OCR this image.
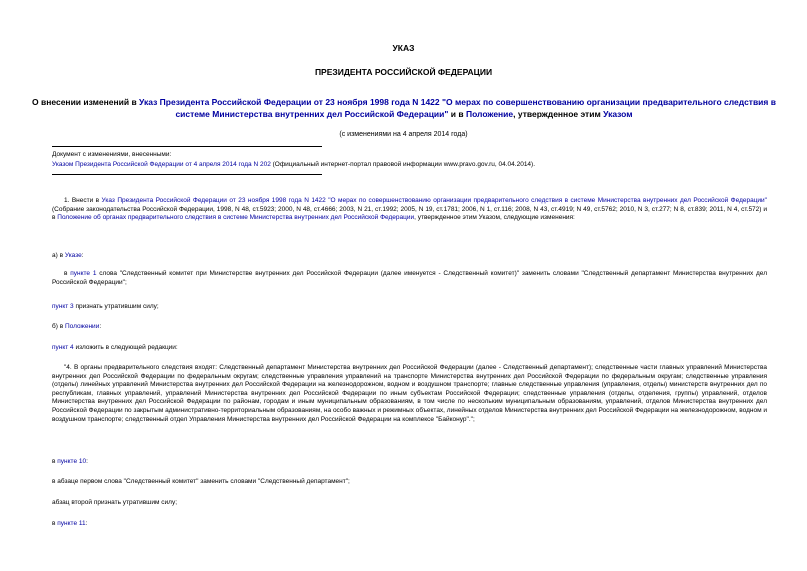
УКАЗ
ПРЕЗИДЕНТА РОССИЙСКОЙ ФЕДЕРАЦИИ
О внесении изменений в Указ Президента Российской Федерации от 23 ноября 1998 года N 1422 "О мерах по совершенствованию организации предварительного следствия в системе Министерства внутренних дел Российской Федерации" и в Положение, утвержденное этим Указом
(с изменениями на 4 апреля 2014 года)
Документ с изменениями, внесенными:
Указом Президента Российской Федерации от 4 апреля 2014 года N 202 (Официальный интернет-портал правовой информации www.pravo.gov.ru, 04.04.2014).
1. Внести в Указ Президента Российской Федерации от 23 ноября 1998 года N 1422 "О мерах по совершенствованию организации предварительного следствия в системе Министерства внутренних дел Российской Федерации" (Собрание законодательства Российской Федерации, 1998, N 48, ст.5923; 2000, N 48, ст.4666; 2003, N 21, ст.1992; 2005, N 19, ст.1781; 2006, N 1, ст.116; 2008, N 43, ст.4919; N 49, ст.5762; 2010, N 3, ст.277; N 8, ст.839; 2011, N 4, ст.572) и в Положение об органах предварительного следствия в системе Министерства внутренних дел Российской Федерации, утвержденное этим Указом, следующие изменения:
а) в Указе:
в пункте 1 слова "Следственный комитет при Министерстве внутренних дел Российской Федерации (далее именуется - Следственный комитет)" заменить словами "Следственный департамент Министерства внутренних дел Российской Федерации";
пункт 3 признать утратившим силу;
б) в Положении:
пункт 4 изложить в следующей редакции:
"4. В органы предварительного следствия входят: Следственный департамент Министерства внутренних дел Российской Федерации (далее - Следственный департамент); следственные части главных управлений Министерства внутренних дел Российской Федерации по федеральным округам; следственные управления управлений на транспорте Министерства внутренних дел Российской Федерации по федеральным округам; следственные управления (отделы) линейных управлений Министерства внутренних дел Российской Федерации на железнодорожном, водном и воздушном транспорте; главные следственные управления (управления, отделы) министерств внутренних дел по республикам, главных управлений, управлений Министерства внутренних дел Российской Федерации по иным субъектам Российской Федерации; следственные управления (отделы, отделения, группы) управлений, отделов Министерства внутренних дел Российской Федерации по районам, городам и иным муниципальным образованиям, в том числе по нескольким муниципальным образованиям, управлений, отделов Министерства внутренних дел Российской Федерации по закрытым административно-территориальным образованиям, на особо важных и режимных объектах, линейных отделов Министерства внутренних дел Российской Федерации на железнодорожном, водном и воздушном транспорте; следственный отдел Управления Министерства внутренних дел Российской Федерации на комплексе "Байконур".";
в пункте 10:
в абзаце первом слова "Следственный комитет" заменить словами "Следственный департамент";
абзац второй признать утратившим силу;
в пункте 11:
